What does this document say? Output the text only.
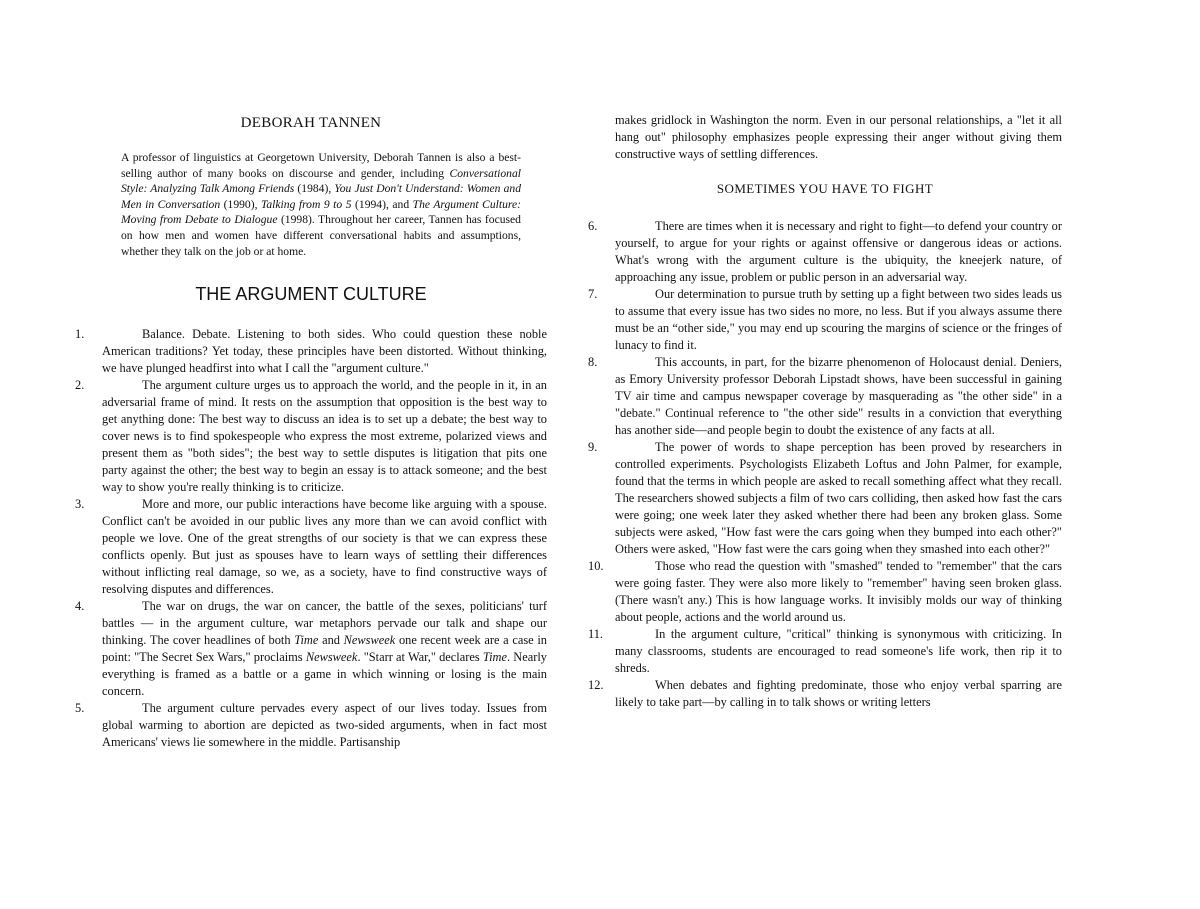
DEBORAH TANNEN
A professor of linguistics at Georgetown University, Deborah Tannen is also a best-selling author of many books on discourse and gender, including Conversational Style: Analyzing Talk Among Friends (1984), You Just Don't Understand: Women and Men in Conversation (1990), Talking from 9 to 5 (1994), and The Argument Culture: Moving from Debate to Dialogue (1998). Throughout her career, Tannen has focused on how men and women have different conversational habits and assumptions, whether they talk on the job or at home.
THE ARGUMENT CULTURE
1.	Balance. Debate. Listening to both sides. Who could question these noble American traditions? Yet today, these principles have been distorted. Without thinking, we have plunged headfirst into what I call the "argument culture."

2.	The argument culture urges us to approach the world, and the people in it, in an adversarial frame of mind. It rests on the assumption that opposition is the best way to get anything done: The best way to discuss an idea is to set up a debate; the best way to cover news is to find spokespeople who express the most extreme, polarized views and present them as "both sides"; the best way to settle disputes is litigation that pits one party against the other; the best way to begin an essay is to attack someone; and the best way to show you're really thinking is to criticize.

3.	More and more, our public interactions have become like arguing with a spouse. Conflict can't be avoided in our public lives any more than we can avoid conflict with people we love. One of the great strengths of our society is that we can express these conflicts openly. But just as spouses have to learn ways of settling their differences without inflicting real damage, so we, as a society, have to find constructive ways of resolving disputes and differences.

4.	The war on drugs, the war on cancer, the battle of the sexes, politicians' turf battles — in the argument culture, war metaphors pervade our talk and shape our thinking. The cover headlines of both Time and Newsweek one recent week are a case in point: "The Secret Sex Wars," proclaims Newsweek. "Starr at War," declares Time. Nearly everything is framed as a battle or a game in which winning or losing is the main concern.

5.	The argument culture pervades every aspect of our lives today. Issues from global warming to abortion are depicted as two-sided arguments, when in fact most Americans' views lie somewhere in the middle. Partisanship

makes gridlock in Washington the norm. Even in our personal relationships, a "let it all hang out" philosophy emphasizes people expressing their anger without giving them constructive ways of settling differences.
SOMETIMES YOU HAVE TO FIGHT
6.	There are times when it is necessary and right to fight—to defend your country or yourself, to argue for your rights or against offensive or dangerous ideas or actions. What's wrong with the argument culture is the ubiquity, the kneejerk nature, of approaching any issue, problem or public person in an adversarial way.

7.	Our determination to pursue truth by setting up a fight between two sides leads us to assume that every issue has two sides no more, no less. But if you always assume there must be an “other side," you may end up scouring the margins of science or the fringes of lunacy to find it.

8.	This accounts, in part, for the bizarre phenomenon of Holocaust denial. Deniers, as Emory University professor Deborah Lipstadt shows, have been successful in gaining TV air time and campus newspaper coverage by masquerading as "the other side" in a "debate." Continual reference to "the other side" results in a conviction that everything has another side—and people begin to doubt the existence of any facts at all.

9.	The power of words to shape perception has been proved by researchers in controlled experiments. Psychologists Elizabeth Loftus and John Palmer, for example, found that the terms in which people are asked to recall something affect what they recall. The researchers showed subjects a film of two cars colliding, then asked how fast the cars were going; one week later they asked whether there had been any broken glass. Some subjects were asked, "How fast were the cars going when they bumped into each other?" Others were asked, "How fast were the cars going when they smashed into each other?"

10.	Those who read the question with "smashed" tended to "remember" that the cars were going faster. They were also more likely to "remember" having seen broken glass. (There wasn't any.) This is how language works. It invisibly molds our way of thinking about people, actions and the world around us.

11.	In the argument culture, "critical" thinking is synonymous with criticizing. In many classrooms, students are encouraged to read someone's life work, then rip it to shreds.

12.	When debates and fighting predominate, those who enjoy verbal sparring are likely to take part—by calling in to talk shows or writing letters
